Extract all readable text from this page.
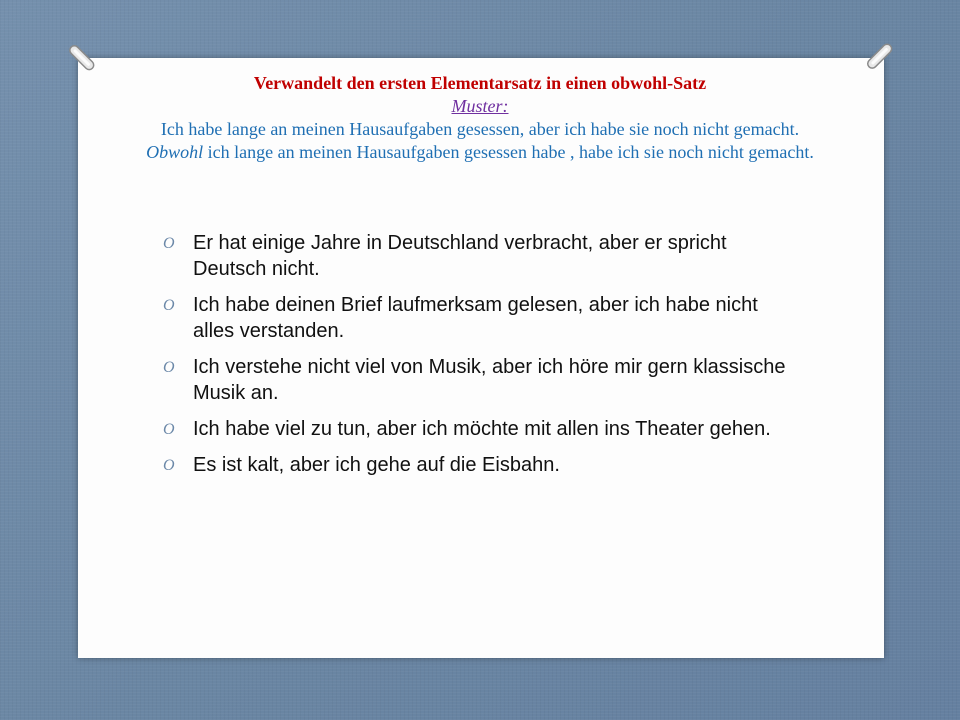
Verwandelt den ersten Elementarsatz in einen obwohl-Satz
Muster:
Ich habe lange an meinen Hausaufgaben gesessen, aber ich habe sie noch nicht gemacht.
Obwohl ich lange an meinen Hausaufgaben gesessen habe , habe ich sie noch nicht gemacht.
O Er hat einige Jahre in Deutschland verbracht, aber er spricht Deutsch nicht.
O Ich habe deinen Brief laufmerksam gelesen, aber ich habe nicht alles verstanden.
O Ich verstehe nicht viel von Musik, aber ich höre mir gern klassische Musik an.
O Ich habe viel zu tun, aber ich möchte mit allen ins Theater gehen.
O Es ist kalt, aber ich gehe auf die Eisbahn.
